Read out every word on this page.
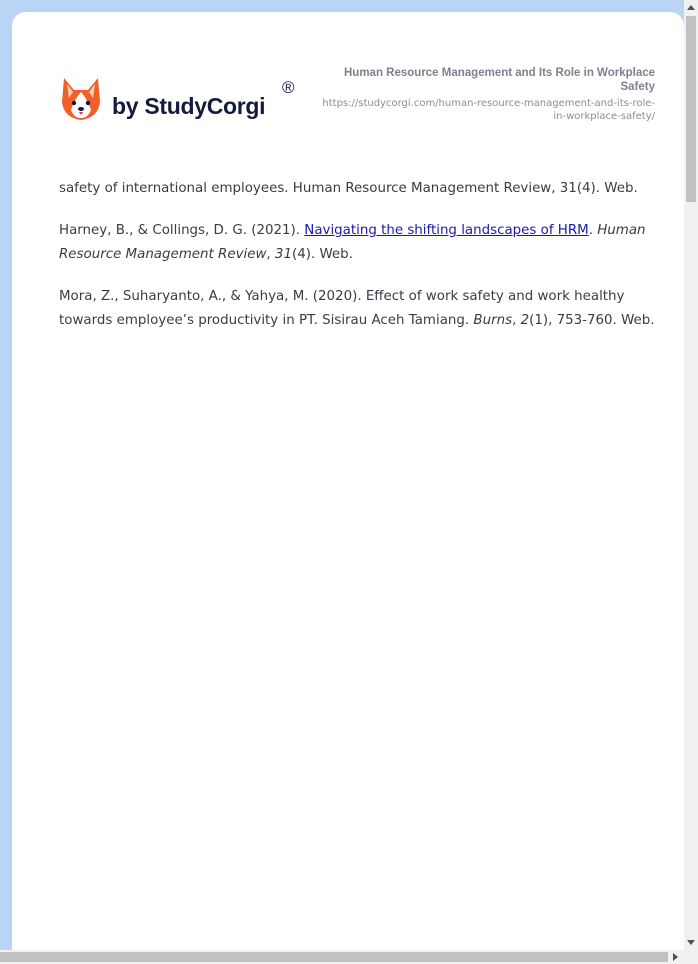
by StudyCorgi
®
Human Resource Management and Its Role in Workplace Safety
https://studycorgi.com/human-resource-management-and-its-role-in-workplace-safety/

safety of international employees. Human Resource Management Review, 31(4). Web.

Harney, B., & Collings, D. G. (2021). Navigating the shifting landscapes of HRM. Human Resource Management Review, 31(4). Web.

Mora, Z., Suharyanto, A., & Yahya, M. (2020). Effect of work safety and work healthy towards employee’s productivity in PT. Sisirau Aceh Tamiang. Burns, 2(1), 753-760. Web.
